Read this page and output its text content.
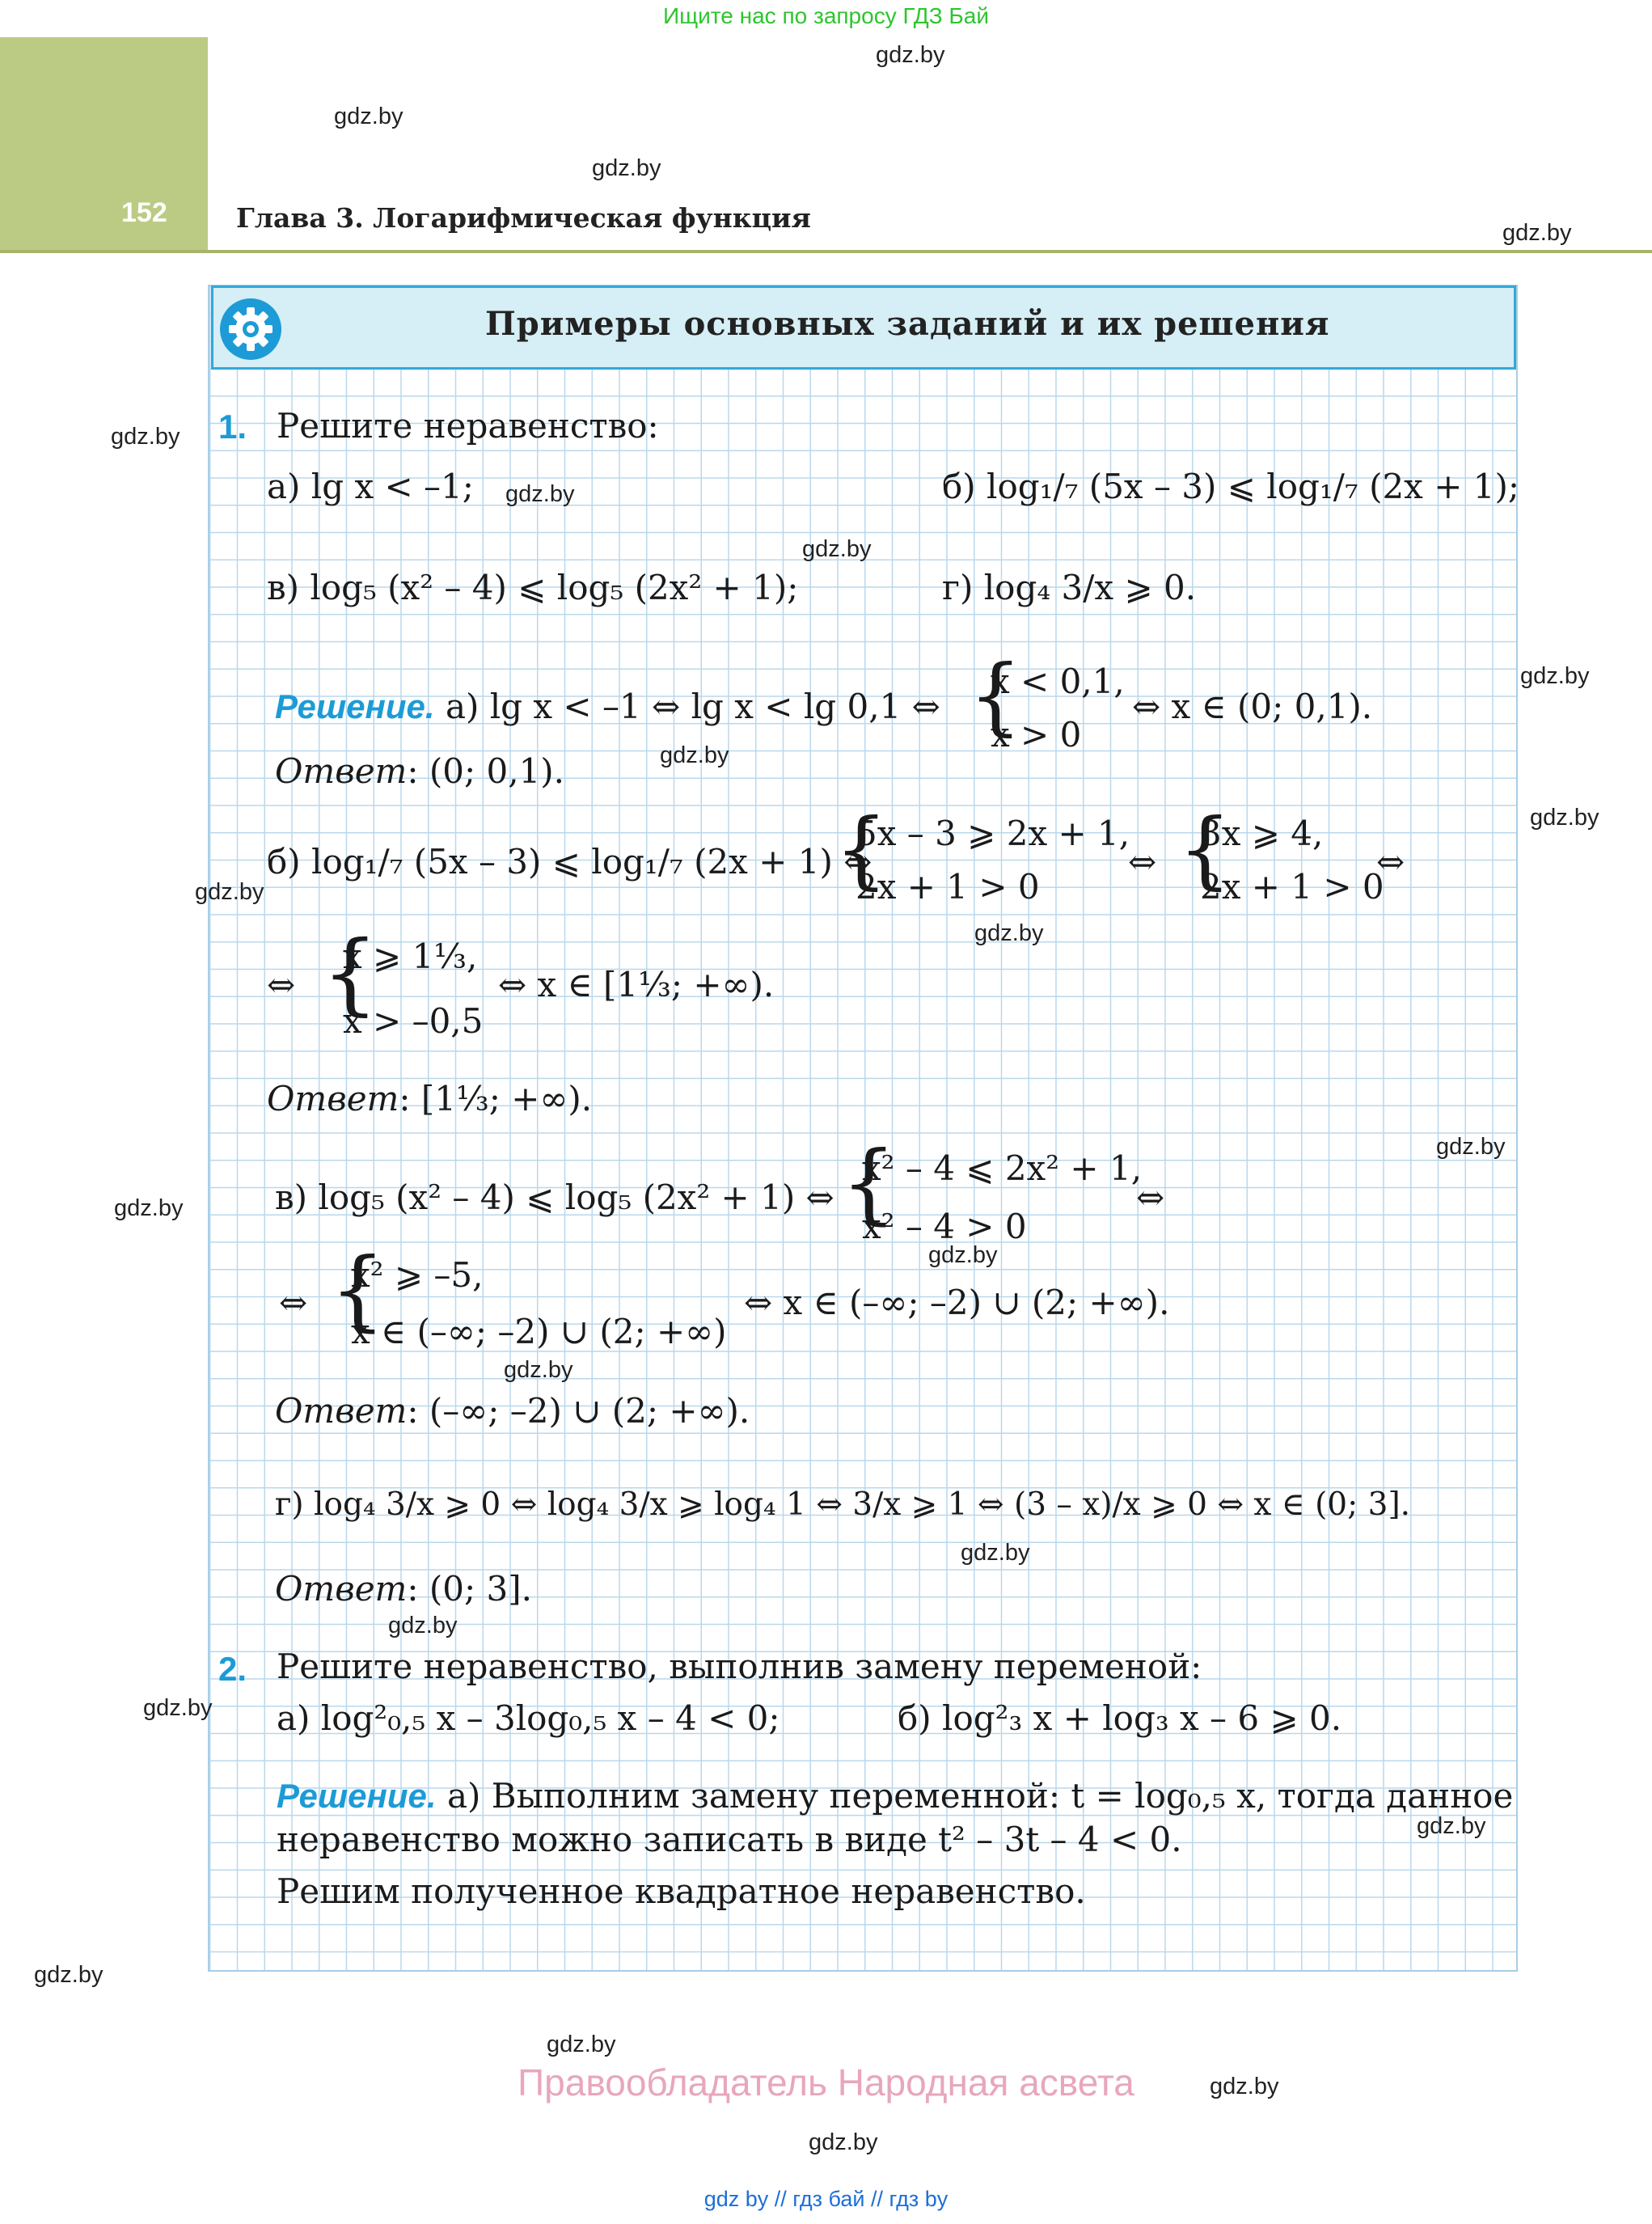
Ищите нас по запросу ГДЗ Бай
152	Глава 3. Логарифмическая функция
Примеры основных заданий и их решения
1. Решите неравенство:
а) lg x < –1;	б) log₁/₇ (5x – 3) ⩽ log₁/₇ (2x + 1);
в) log₅ (x² – 4) ⩽ log₅ (2x² + 1);	г) log₄ 3/x ⩾ 0.
Решение. а) lg x < –1 ⇔ lg x < lg 0,1 ⇔ {
x < 0,1,
x > 0
⇔ x ∈ (0; 0,1).
Ответ: (0; 0,1).
б) log₁/₇ (5x – 3) ⩽ log₁/₇ (2x + 1) ⇔
{
5x – 3 ⩾ 2x + 1,
2x + 1 > 0
⇔ {
3x ⩾ 4,
2x + 1 > 0
⇔
⇔ {
x ⩾ 1⅓,
x > –0,5
⇔ x ∈ [1⅓; +∞).
Ответ: [1⅓; +∞).
в) log₅ (x² – 4) ⩽ log₅ (2x² + 1) ⇔ {
x² – 4 ⩽ 2x² + 1,
x² – 4 > 0
⇔
⇔ {
x² ⩾ –5,
x ∈ (–∞; –2) ∪ (2; +∞)
⇔ x ∈ (–∞; –2) ∪ (2; +∞).
Ответ: (–∞; –2) ∪ (2; +∞).
г) log₄ 3/x ⩾ 0 ⇔ log₄ 3/x ⩾ log₄ 1 ⇔ 3/x ⩾ 1 ⇔ (3 – x)/x ⩾ 0 ⇔ x ∈ (0; 3].
Ответ: (0; 3].
2. Решите неравенство, выполнив замену переменой:
а) log²₀,₅ x – 3log₀,₅ x – 4 < 0;	б) log²₃ x + log₃ x – 6 ⩾ 0.
Решение. а) Выполним замену переменной: t = log₀,₅ x, тогда данное
неравенство можно записать в виде t² – 3t – 4 < 0.
Решим полученное квадратное неравенство.
gdz.by
gdz.by
gdz.by
gdz.by
gdz.by
gdz.by
gdz.by
gdz.by
gdz.by
gdz.by
gdz.by
gdz.by
gdz.by
gdz.by
gdz.by
gdz.by
gdz.by
gdz.by
gdz.by
gdz.by
gdz.by
gdz.by
gdz.by
gdz.by
Правообладатель Народная асвета
gdz by // гдз бай // гдз by
